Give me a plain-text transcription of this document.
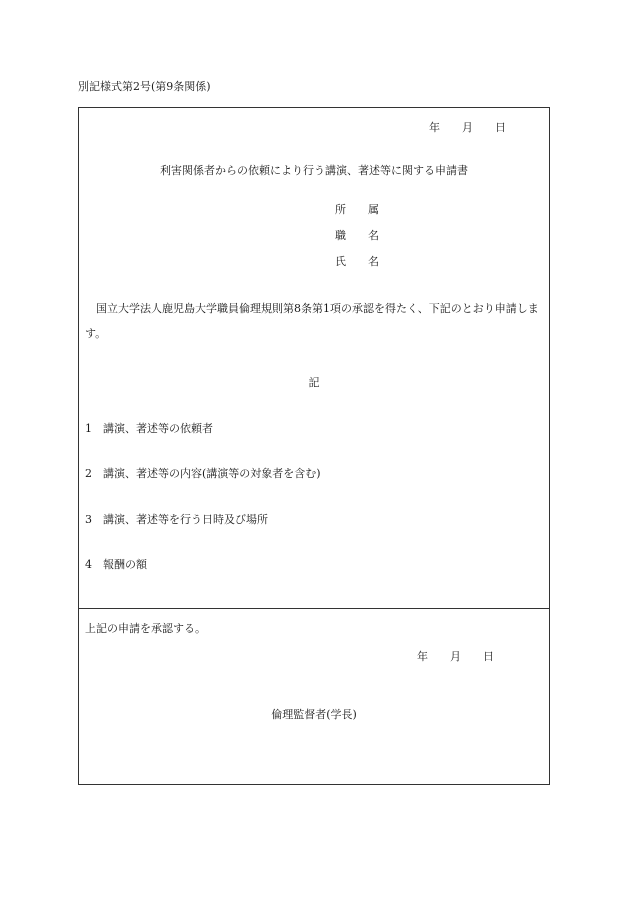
別記様式第2号(第9条関係)
年 月 日
利害関係者からの依頼により行う講演、著述等に関する申請書
所 属
職 名
氏 名
国立大学法人鹿児島大学職員倫理規則第8条第1項の承認を得たく、下記のとおり申請します。
記
1 講演、著述等の依頼者
2 講演、著述等の内容(講演等の対象者を含む)
3 講演、著述等を行う日時及び場所
4 報酬の額
上記の申請を承認する。
年 月 日
倫理監督者(学長)
